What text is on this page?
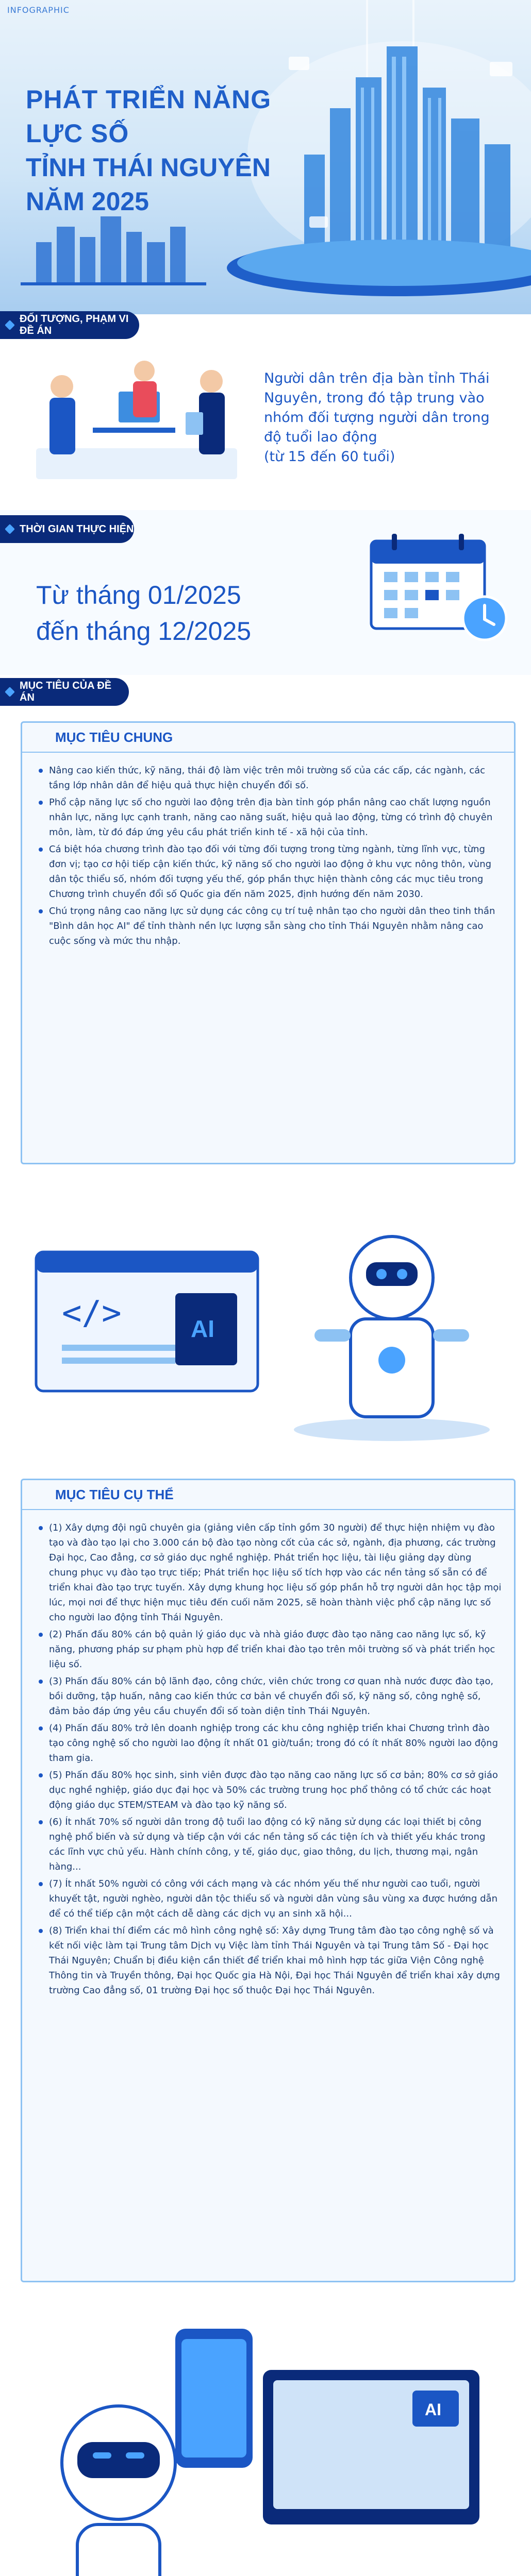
INFOGRAPHIC
PHÁT TRIỂN NĂNG LỰC SỐ
TỈNH THÁI NGUYÊN
NĂM 2025
ĐỐI TƯỢNG, PHẠM VI ĐỀ ÁN
Người dân trên địa bàn tỉnh Thái
Nguyên, trong đó tập trung vào
nhóm đối tượng người dân trong
độ tuổi lao động
(từ 15 đến 60 tuổi)
THỜI GIAN THỰC HIỆN
Từ tháng 01/2025
đến tháng 12/2025
MỤC TIÊU CỦA ĐỀ ÁN
MỤC TIÊU CHUNG
Nâng cao kiến thức, kỹ năng, thái độ làm việc trên môi trường số của các cấp, các ngành, các tầng lớp nhân dân để hiệu quả thực hiện chuyển đổi số.
Phổ cập năng lực số cho người lao động trên địa bàn tỉnh góp phần nâng cao chất lượng nguồn nhân lực, năng lực cạnh tranh, năng cao năng suất, hiệu quả lao động, từng có trình độ chuyên môn, làm, từ đó đáp ứng yêu cầu phát triển kinh tế - xã hội của tỉnh.
Cá biệt hóa chương trình đào tạo đối với từng đối tượng trong từng ngành, từng lĩnh vực, từng đơn vị; tạo cơ hội tiếp cận kiến thức, kỹ năng số cho người lao động ở khu vực nông thôn, vùng dân tộc thiểu số, nhóm đối tượng yếu thế, góp phần thực hiện thành công các mục tiêu trong Chương trình chuyển đổi số Quốc gia đến năm 2025, định hướng đến năm 2030.
Chú trọng nâng cao năng lực sử dụng các công cụ trí tuệ nhân tạo cho người dân theo tinh thần "Bình dân học AI" để tỉnh thành nền lực lượng sẵn sàng cho tỉnh Thái Nguyên nhằm nâng cao cuộc sống và mức thu nhập.
</>	AI
MỤC TIÊU CỤ THỂ
(1) Xây dựng đội ngũ chuyên gia (giảng viên cấp tỉnh gồm 30 người) để thực hiện nhiệm vụ đào tạo và đào tạo lại cho 3.000 cán bộ đào tạo nòng cốt của các sở, ngành, địa phương, các trường Đại học, Cao đẳng, cơ sở giáo dục nghề nghiệp. Phát triển học liệu, tài liệu giảng dạy dùng chung phục vụ đào tạo trực tiếp; Phát triển học liệu số tích hợp vào các nền tảng số sẵn có để triển khai đào tạo trực tuyến. Xây dựng khung học liệu số góp phần hỗ trợ người dân học tập mọi lúc, mọi nơi để thực hiện mục tiêu đến cuối năm 2025, sẽ hoàn thành việc phổ cập năng lực số cho người lao động tỉnh Thái Nguyên.
(2) Phấn đấu 80% cán bộ quản lý giáo dục và nhà giáo được đào tạo năng cao năng lực số, kỹ năng, phương pháp sư phạm phù hợp để triển khai đào tạo trên môi trường số và phát triển học liệu số.
(3) Phấn đấu 80% cán bộ lãnh đạo, công chức, viên chức trong cơ quan nhà nước được đào tạo, bồi dưỡng, tập huấn, nâng cao kiến thức cơ bản về chuyển đổi số, kỹ năng số, công nghệ số, đảm bảo đáp ứng yêu cầu chuyển đổi số toàn diện tỉnh Thái Nguyên.
(4) Phấn đấu 80% trở lên doanh nghiệp trong các khu công nghiệp triển khai Chương trình đào tạo công nghệ số cho người lao động ít nhất 01 giờ/tuần; trong đó có ít nhất 80% người lao động tham gia.
(5) Phấn đấu 80% học sinh, sinh viên được đào tạo năng cao năng lực số cơ bản; 80% cơ sở giáo dục nghề nghiệp, giáo dục đại học và 50% các trường trung học phổ thông có tổ chức các hoạt động giáo dục STEM/STEAM và đào tạo kỹ năng số.
(6) Ít nhất 70% số người dân trong độ tuổi lao động có kỹ năng sử dụng các loại thiết bị công nghệ phổ biến và sử dụng và tiếp cận với các nền tảng số các tiện ích và thiết yếu khác trong các lĩnh vực chủ yếu. Hành chính công, y tế, giáo dục, giao thông, du lịch, thương mại, ngân hàng...
(7) Ít nhất 50% người có công với cách mạng và các nhóm yếu thế như người cao tuổi, người khuyết tật, người nghèo, người dân tộc thiểu số và người dân vùng sâu vùng xa được hướng dẫn để có thể tiếp cận một cách dễ dàng các dịch vụ an sinh xã hội...
(8) Triển khai thí điểm các mô hình công nghệ số: Xây dựng Trung tâm đào tạo công nghệ số và kết nối việc làm tại Trung tâm Dịch vụ Việc làm tỉnh Thái Nguyên và tại Trung tâm Số - Đại học Thái Nguyên; Chuẩn bị điều kiện cần thiết để triển khai mô hình hợp tác giữa Viện Công nghệ Thông tin và Truyền thông, Đại học Quốc gia Hà Nội, Đại học Thái Nguyên để triển khai xây dựng trường Cao đẳng số, 01 trường Đại học số thuộc Đại học Thái Nguyên.
AI
